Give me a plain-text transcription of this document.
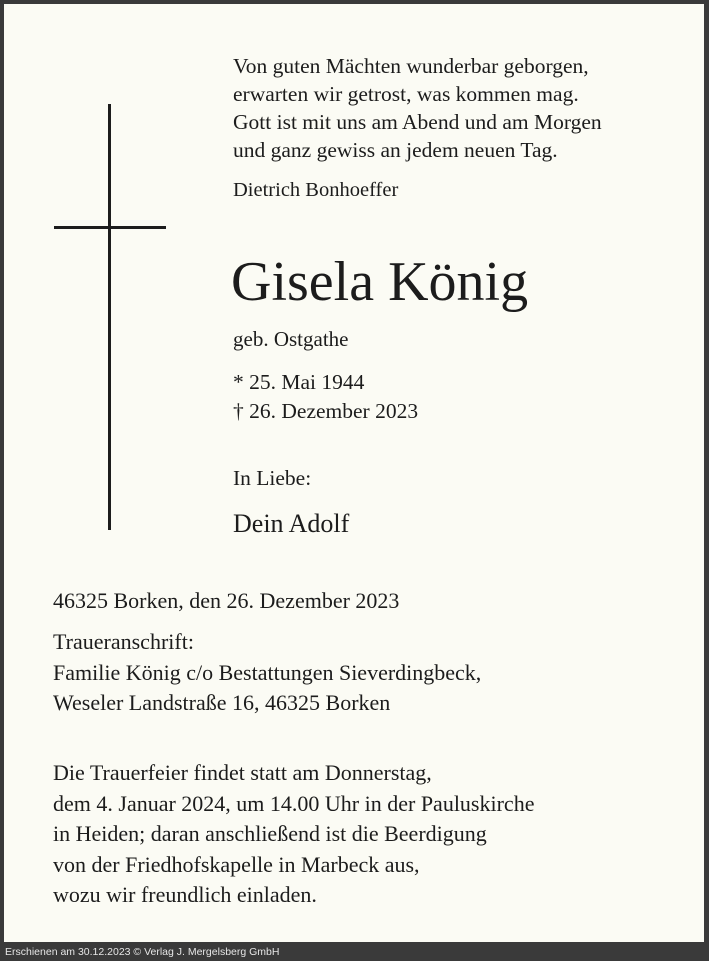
Von guten Mächten wunderbar geborgen,
erwarten wir getrost, was kommen mag.
Gott ist mit uns am Abend und am Morgen
und ganz gewiss an jedem neuen Tag.
Dietrich Bonhoeffer
Gisela König
geb. Ostgathe
* 25. Mai 1944
† 26. Dezember 2023
In Liebe:
Dein Adolf
46325 Borken, den 26. Dezember 2023
Traueranschrift:
Familie König c/o Bestattungen Sieverdingbeck,
Weseler Landstraße 16, 46325 Borken
Die Trauerfeier findet statt am Donnerstag,
dem 4. Januar 2024, um 14.00 Uhr in der Pauluskirche
in Heiden; daran anschließend ist die Beerdigung
von der Friedhofskapelle in Marbeck aus,
wozu wir freundlich einladen.
Erschienen am 30.12.2023 © Verlag J. Mergelsberg GmbH
